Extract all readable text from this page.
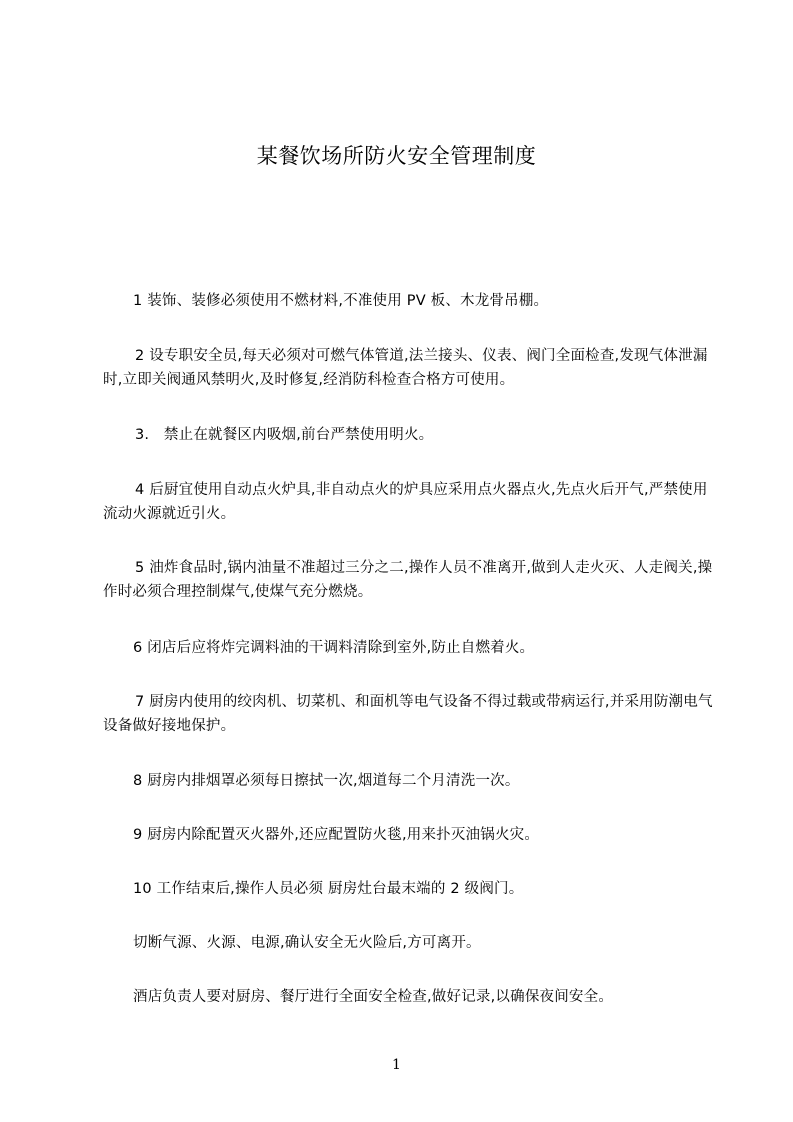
某餐饮场所防火安全管理制度
1 装饰、装修必须使用不燃材料,不准使用 PV 板、木龙骨吊棚。
2 设专职安全员,每天必须对可燃气体管道,法兰接头、仪表、阀门全面检查,发现气体泄漏时,立即关阀通风禁明火,及时修复,经消防科检查合格方可使用。
3.　禁止在就餐区内吸烟,前台严禁使用明火。
4 后厨宜使用自动点火炉具,非自动点火的炉具应采用点火器点火,先点火后开气,严禁使用流动火源就近引火。
5 油炸食品时,锅内油量不准超过三分之二,操作人员不准离开,做到人走火灭、人走阀关,操作时必须合理控制煤气,使煤气充分燃烧。
6 闭店后应将炸完调料油的干调料清除到室外,防止自燃着火。
7 厨房内使用的绞肉机、切菜机、和面机等电气设备不得过载或带病运行,并采用防潮电气设备做好接地保护。
8 厨房内排烟罩必须每日擦拭一次,烟道每二个月清洗一次。
9 厨房内除配置灭火器外,还应配置防火毯,用来扑灭油锅火灾。
10 工作结束后,操作人员必须 厨房灶台最末端的 2 级阀门。
切断气源、火源、电源,确认安全无火险后,方可离开。
酒店负责人要对厨房、餐厅进行全面安全检查,做好记录,以确保夜间安全。
1
